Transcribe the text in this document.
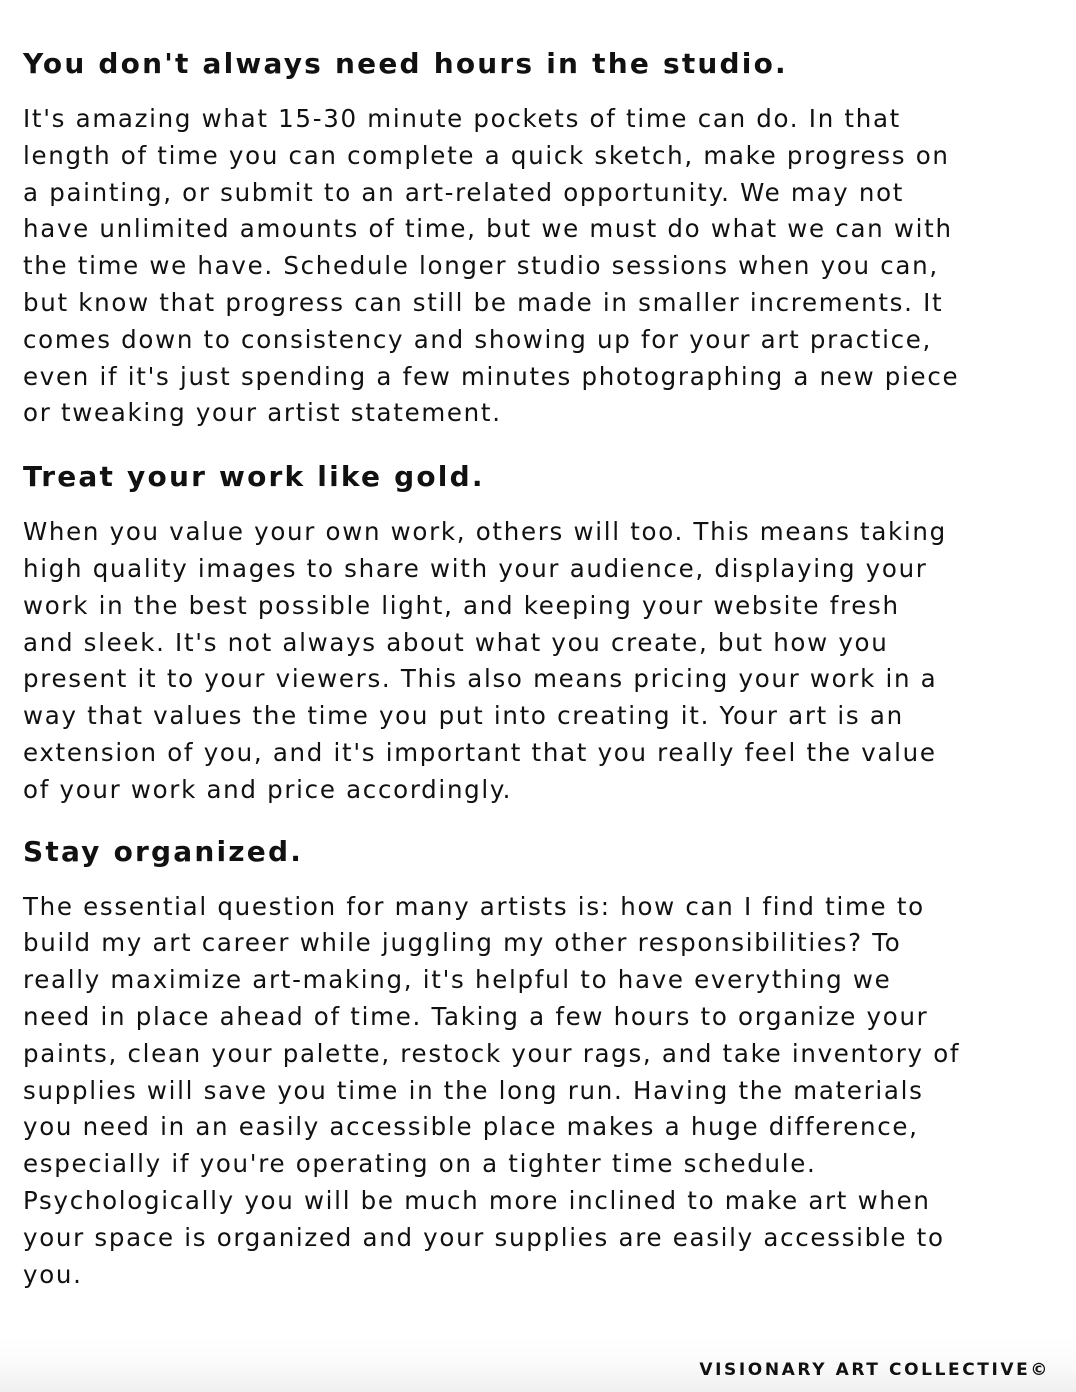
You don't always need hours in the studio.

It's amazing what 15-30 minute pockets of time can do. In that
length of time you can complete a quick sketch, make progress on
a painting, or submit to an art-related opportunity. We may not
have unlimited amounts of time, but we must do what we can with
the time we have. Schedule longer studio sessions when you can,
but know that progress can still be made in smaller increments. It
comes down to consistency and showing up for your art practice,
even if it's just spending a few minutes photographing a new piece
or tweaking your artist statement.

Treat your work like gold.

When you value your own work, others will too. This means taking
high quality images to share with your audience, displaying your
work in the best possible light, and keeping your website fresh
and sleek. It's not always about what you create, but how you
present it to your viewers. This also means pricing your work in a
way that values the time you put into creating it. Your art is an
extension of you, and it's important that you really feel the value
of your work and price accordingly.

Stay organized.

The essential question for many artists is: how can I find time to
build my art career while juggling my other responsibilities? To
really maximize art-making, it's helpful to have everything we
need in place ahead of time. Taking a few hours to organize your
paints, clean your palette, restock your rags, and take inventory of
supplies will save you time in the long run. Having the materials
you need in an easily accessible place makes a huge difference,
especially if you're operating on a tighter time schedule.
Psychologically you will be much more inclined to make art when
your space is organized and your supplies are easily accessible to
you.

VISIONARY ART COLLECTIVE©
